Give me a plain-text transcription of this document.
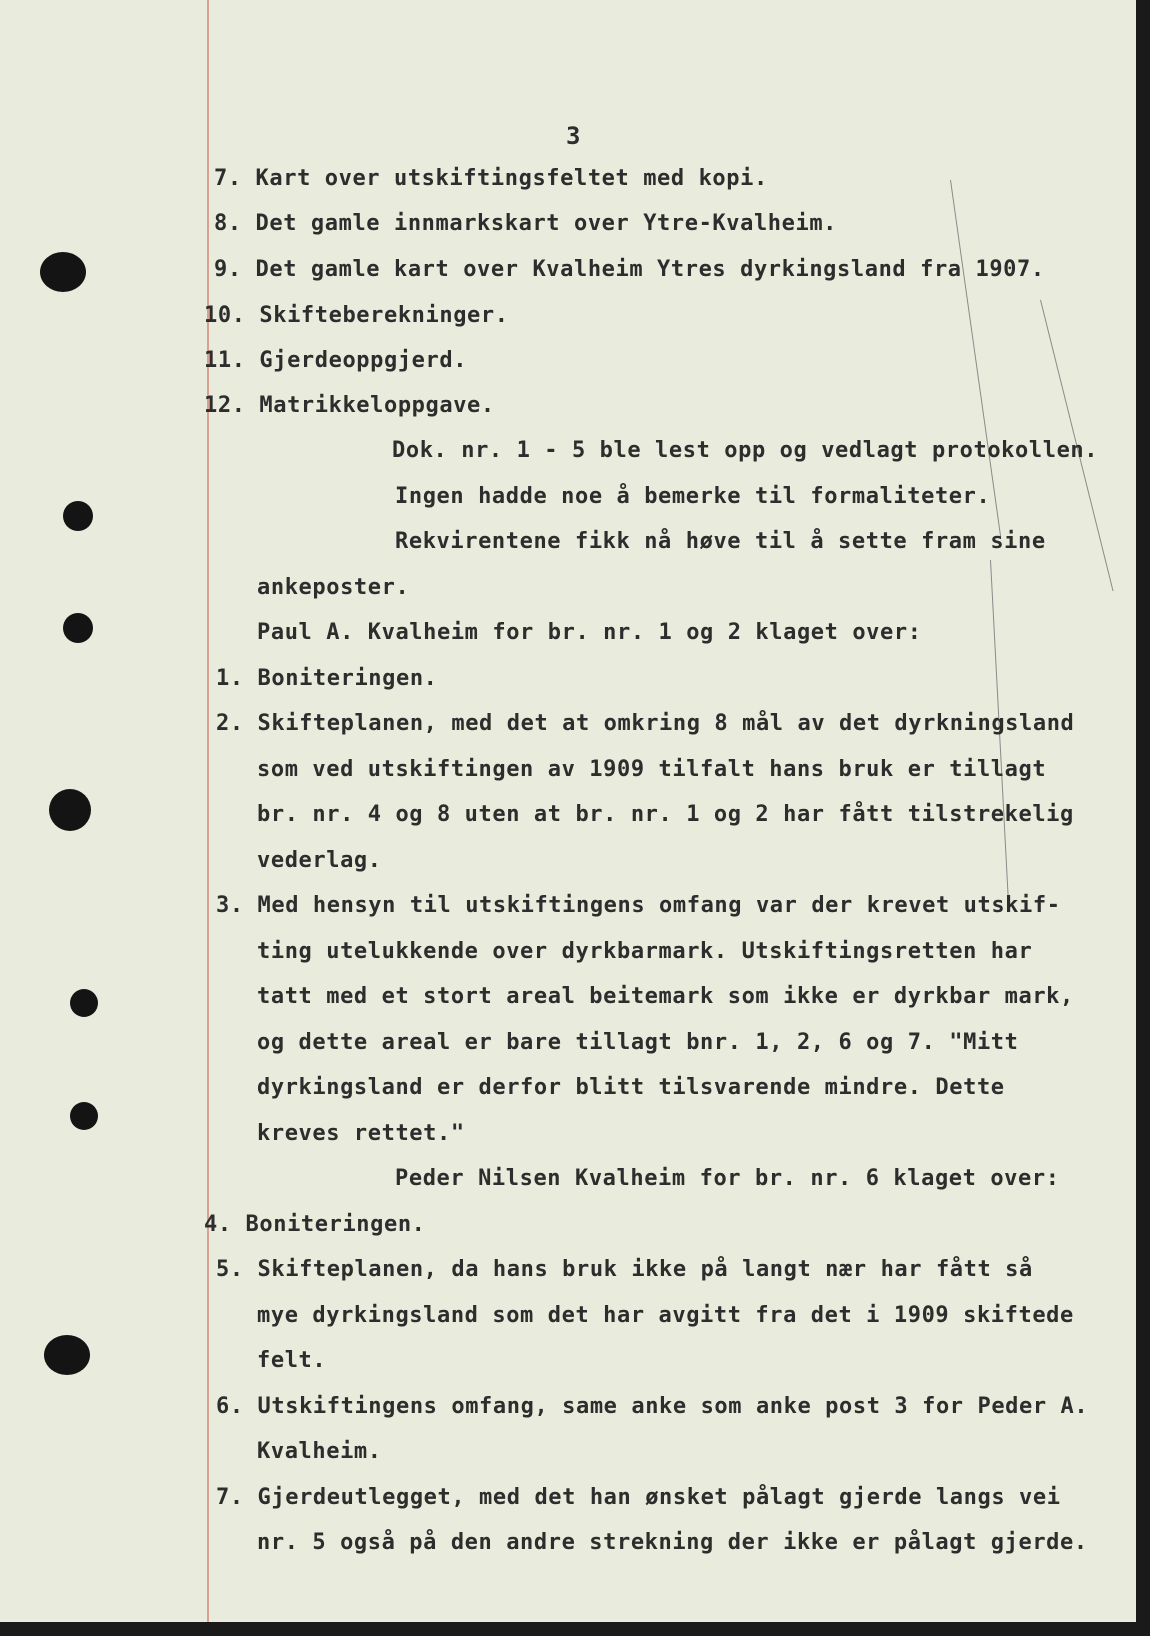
3
7. Kart over utskiftingsfeltet med kopi.
8. Det gamle innmarkskart over Ytre-Kvalheim.
9. Det gamle kart over Kvalheim Ytres dyrkingsland fra 1907.
10. Skifteberekninger.
11. Gjerdeoppgjerd.
12. Matrikkeloppgave.
Dok. nr. 1 - 5 ble lest opp og vedlagt protokollen.
Ingen hadde noe å bemerke til formaliteter.
Rekvirentene fikk nå høve til å sette fram sine
ankeposter.
Paul A. Kvalheim for br. nr. 1 og 2 klaget over:
1. Boniteringen.
2. Skifteplanen, med det at omkring 8 mål av det dyrkningsland
som ved utskiftingen av 1909 tilfalt hans bruk er tillagt
br. nr. 4 og 8 uten at br. nr. 1 og 2 har fått tilstrekelig
vederlag.
3. Med hensyn til utskiftingens omfang var der krevet utskif-
ting utelukkende over dyrkbarmark. Utskiftingsretten har
tatt med et stort areal beitemark som ikke er dyrkbar mark,
og dette areal er bare tillagt bnr. 1, 2, 6 og 7. "Mitt
dyrkingsland er derfor blitt tilsvarende mindre. Dette
kreves rettet."
Peder Nilsen Kvalheim for br. nr. 6 klaget over:
4. Boniteringen.
5. Skifteplanen, da hans bruk ikke på langt nær har fått så
mye dyrkingsland som det har avgitt fra det i 1909 skiftede
felt.
6. Utskiftingens omfang, same anke som anke post 3 for Peder A.
Kvalheim.
7. Gjerdeutlegget, med det han ønsket pålagt gjerde langs vei
nr. 5 også på den andre strekning der ikke er pålagt gjerde.
